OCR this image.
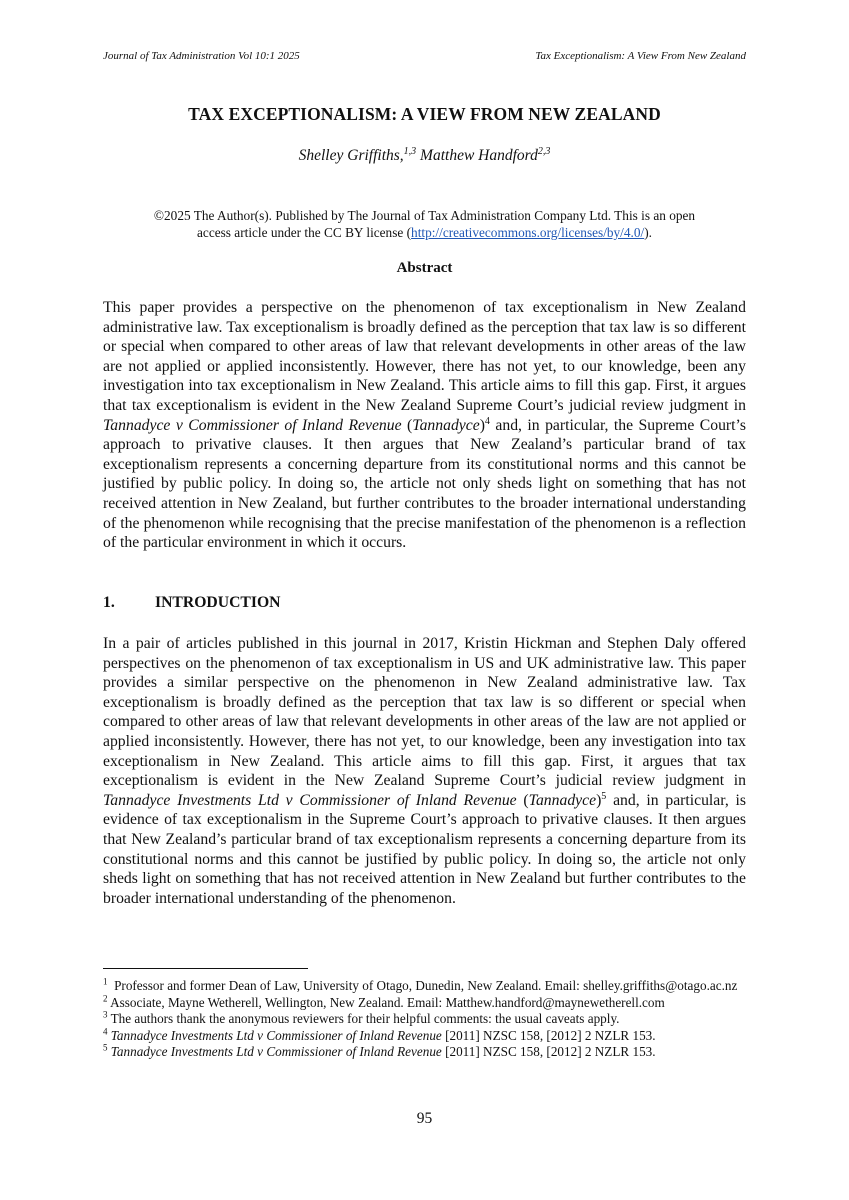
Journal of Tax Administration Vol 10:1 2025	Tax Exceptionalism: A View From New Zealand
TAX EXCEPTIONALISM: A VIEW FROM NEW ZEALAND
Shelley Griffiths,$^{1,3}$ Matthew Handford$^{2,3}$
©2025 The Author(s). Published by The Journal of Tax Administration Company Ltd. This is an open access article under the CC BY license (http://creativecommons.org/licenses/by/4.0/).
Abstract

This paper provides a perspective on the phenomenon of tax exceptionalism in New Zealand administrative law. Tax exceptionalism is broadly defined as the perception that tax law is so different or special when compared to other areas of law that relevant developments in other areas of the law are not applied or applied inconsistently. However, there has not yet, to our knowledge, been any investigation into tax exceptionalism in New Zealand. This article aims to fill this gap. First, it argues that tax exceptionalism is evident in the New Zealand Supreme Court’s judicial review judgment in Tannadyce v Commissioner of Inland Revenue (Tannadyce)$^4$ and, in particular, the Supreme Court’s approach to privative clauses. It then argues that New Zealand’s particular brand of tax exceptionalism represents a concerning departure from its constitutional norms and this cannot be justified by public policy. In doing so, the article not only sheds light on something that has not received attention in New Zealand, but further contributes to the broader international understanding of the phenomenon while recognising that the precise manifestation of the phenomenon is a reflection of the particular environment in which it occurs.

1.	INTRODUCTION

In a pair of articles published in this journal in 2017, Kristin Hickman and Stephen Daly offered perspectives on the phenomenon of tax exceptionalism in US and UK administrative law. This paper provides a similar perspective on the phenomenon in New Zealand administrative law. Tax exceptionalism is broadly defined as the perception that tax law is so different or special when compared to other areas of law that relevant developments in other areas of the law are not applied or applied inconsistently. However, there has not yet, to our knowledge, been any investigation into tax exceptionalism in New Zealand. This article aims to fill this gap. First, it argues that tax exceptionalism is evident in the New Zealand Supreme Court’s judicial review judgment in Tannadyce Investments Ltd v Commissioner of Inland Revenue (Tannadyce)$^5$ and, in particular, is evidence of tax exceptionalism in the Supreme Court’s approach to privative clauses. It then argues that New Zealand’s particular brand of tax exceptionalism represents a concerning departure from its constitutional norms and this cannot be justified by public policy. In doing so, the article not only sheds light on something that has not received attention in New Zealand but further contributes to the broader international understanding of the phenomenon.

$^1$ Professor and former Dean of Law, University of Otago, Dunedin, New Zealand. Email: shelley.griffiths@otago.ac.nz

$^2$ Associate, Mayne Wetherell, Wellington, New Zealand. Email: Matthew.handford@maynewetherell.com

$^3$ The authors thank the anonymous reviewers for their helpful comments: the usual caveats apply.

$^4$ Tannadyce Investments Ltd v Commissioner of Inland Revenue [2011] NZSC 158, [2012] 2 NZLR 153.

$^5$ Tannadyce Investments Ltd v Commissioner of Inland Revenue [2011] NZSC 158, [2012] 2 NZLR 153.

95
